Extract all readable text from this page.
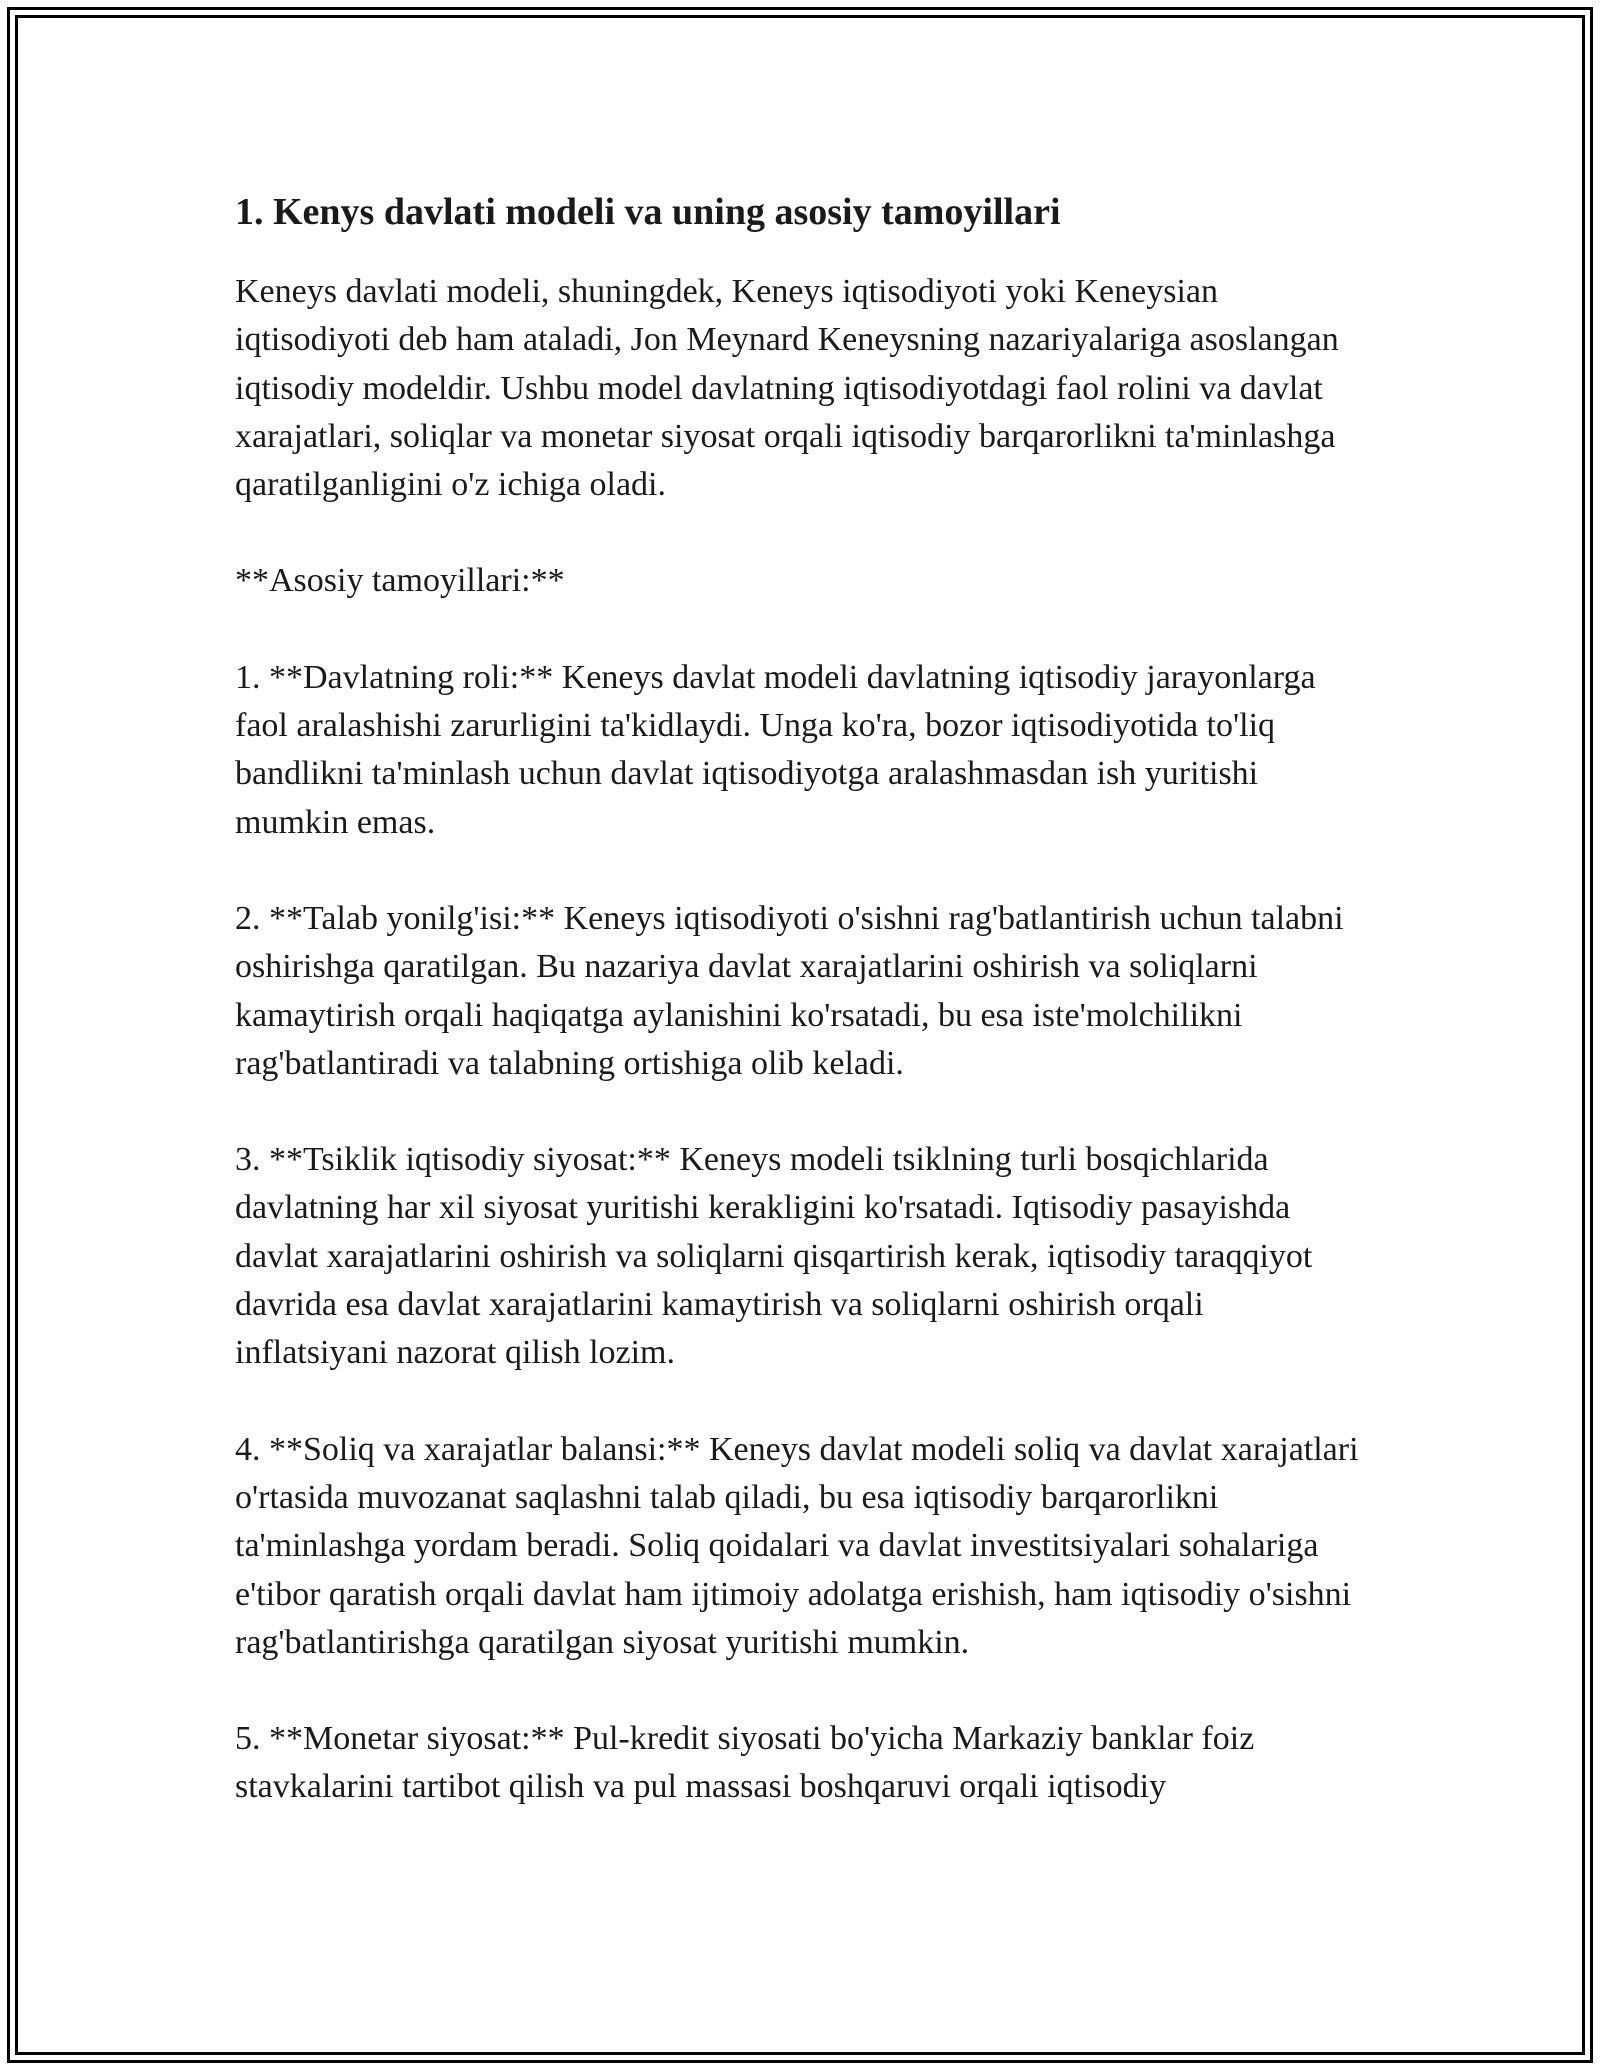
1. Kenys davlati modeli va uning asosiy tamoyillari

Keneys davlati modeli, shuningdek, Keneys iqtisodiyoti yoki Keneysian iqtisodiyoti deb ham ataladi, Jon Meynard Keneysning nazariyalariga asoslangan iqtisodiy modeldir. Ushbu model davlatning iqtisodiyotdagi faol rolini va davlat xarajatlari, soliqlar va monetar siyosat orqali iqtisodiy barqarorlikni ta'minlashga qaratilganligini o'z ichiga oladi.

**Asosiy tamoyillari:**

1. **Davlatning roli:** Keneys davlat modeli davlatning iqtisodiy jarayonlarga faol aralashishi zarurligini ta'kidlaydi. Unga ko'ra, bozor iqtisodiyotida to'liq bandlikni ta'minlash uchun davlat iqtisodiyotga aralashmasdan ish yuritishi mumkin emas.

2. **Talab yonilg'isi:** Keneys iqtisodiyoti o'sishni rag'batlantirish uchun talabni oshirishga qaratilgan. Bu nazariya davlat xarajatlarini oshirish va soliqlarni kamaytirish orqali haqiqatga aylanishini ko'rsatadi, bu esa iste'molchilikni rag'batlantiradi va talabning ortishiga olib keladi.

3. **Tsiklik iqtisodiy siyosat:** Keneys modeli tsiklning turli bosqichlarida davlatning har xil siyosat yuritishi kerakligini ko'rsatadi. Iqtisodiy pasayishda davlat xarajatlarini oshirish va soliqlarni qisqartirish kerak, iqtisodiy taraqqiyot davrida esa davlat xarajatlarini kamaytirish va soliqlarni oshirish orqali inflatsiyani nazorat qilish lozim.

4. **Soliq va xarajatlar balansi:** Keneys davlat modeli soliq va davlat xarajatlari o'rtasida muvozanat saqlashni talab qiladi, bu esa iqtisodiy barqarorlikni ta'minlashga yordam beradi. Soliq qoidalari va davlat investitsiyalari sohalariga e'tibor qaratish orqali davlat ham ijtimoiy adolatga erishish, ham iqtisodiy o'sishni rag'batlantirishga qaratilgan siyosat yuritishi mumkin.

5. **Monetar siyosat:** Pul-kredit siyosati bo'yicha Markaziy banklar foiz stavkalarini tartibot qilish va pul massasi boshqaruvi orqali iqtisodiy
